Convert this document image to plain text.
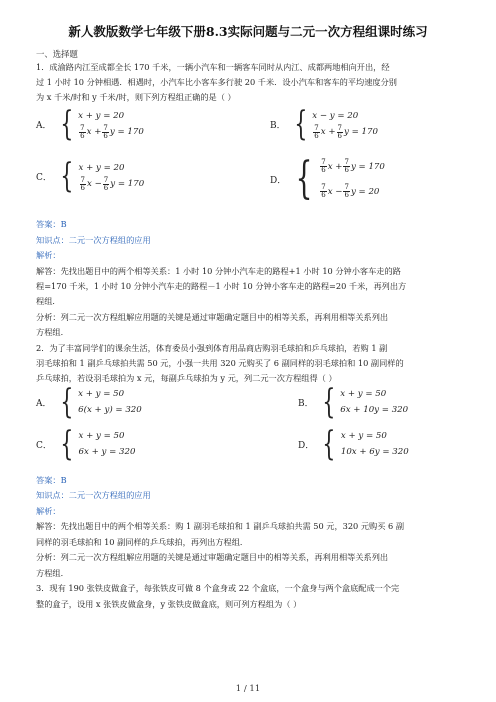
新人教版数学七年级下册8.3实际问题与二元一次方程组课时练习
一、选择题
1．成渝路内江至成都全长 170 千米，一辆小汽车和一辆客车同时从内江、成都两地相向开出，经
过 1 小时 10 分钟相遇．相遇时，小汽车比小客车多行驶 20 千米．设小汽车和客车的平均速度分别
为 x 千米/时和 y 千米/时，则下列方程组正确的是（ ）
A． { x + y = 20
$\frac{7}{6}$ $x + \frac{7}{6}$ y = 170
B． { x − y = 20
$\frac{7}{6}$ $x + \frac{7}{6}$ y = 170
C． { x + y = 20
$\frac{7}{6}$ $x - \frac{7}{6}$ y = 170	D． { $\frac{7}{6}$ $x + \frac{7}{6}$ y = 170
$\frac{7}{6}$ $x - \frac{7}{6}$ y = 20
答案：B
知识点：二元一次方程组的应用
解析：
解答：先找出题目中的两个相等关系：1 小时 10 分钟小汽车走的路程+1 小时 10 分钟小客车走的路
程=170 千米，1 小时 10 分钟小汽车走的路程－1 小时 10 分钟小客车走的路程=20 千米，再列出方
程组．
分析：列二元一次方程组解应用题的关键是通过审题确定题目中的相等关系，再利用相等关系列出
方程组．
2．为了丰富同学们的课余生活，体育委员小强到体育用品商店购羽毛球拍和乒乓球拍，若购 1 副
羽毛球拍和 1 副乒乓球拍共需 50 元，小强一共用 320 元购买了 6 副同样的羽毛球拍和 10 副同样的
乒乓球拍，若设羽毛球拍为 x 元，每副乒乓球拍为 y 元，列二元一次方程组得（ ）
A． { x + y = 50
6(x + y) = 320
B． { x + y = 50
6x + 10y = 320
C． { x + y = 50
6x + y = 320
D． { x + y = 50
10x + 6y = 320
答案：B
知识点：二元一次方程组的应用
解析：
解答：先找出题目中的两个相等关系：购 1 副羽毛球拍和 1 副乒乓球拍共需 50 元，320 元购买 6 副
同样的羽毛球拍和 10 副同样的乒乓球拍，再列出方程组．
分析：列二元一次方程组解应用题的关键是通过审题确定题目中的相等关系，再利用相等关系列出
方程组．
3．现有 190 张铁皮做盒子，每张铁皮可做 8 个盒身或 22 个盒底，一个盒身与两个盒底配成一个完
整的盒子，设用 x 张铁皮做盒身，y 张铁皮做盒底，则可列方程组为（ ）
1 / 11
